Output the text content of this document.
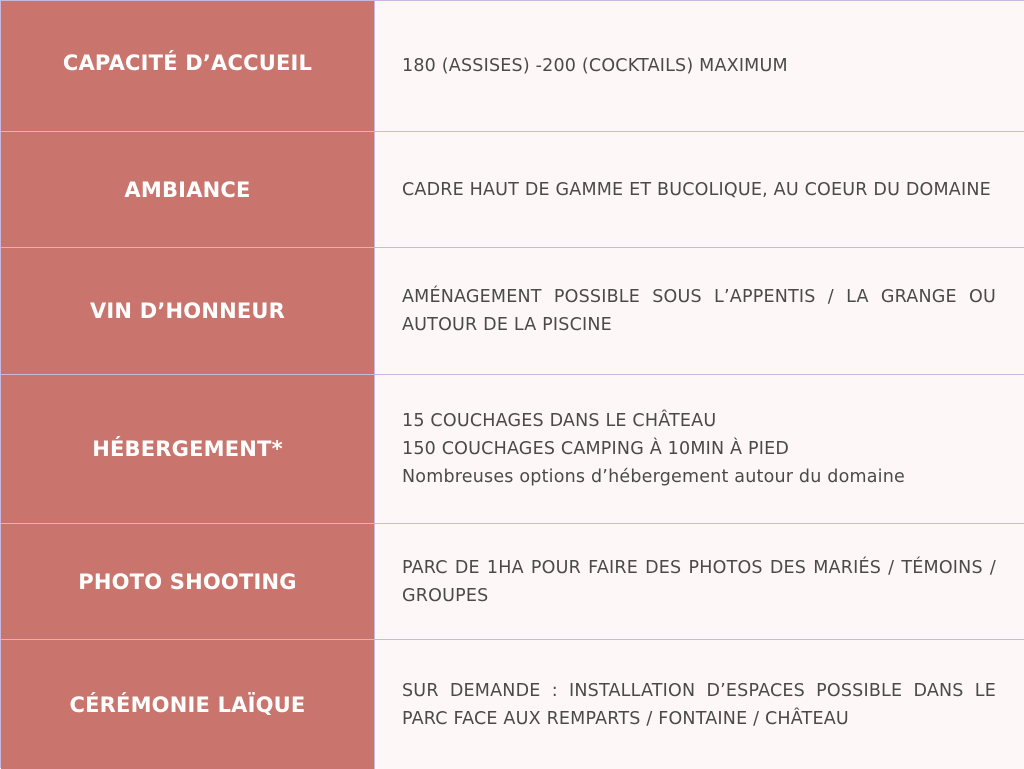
CAPACITÉ D’ACCUEIL	180 (ASSISES) -200 (COCKTAILS) MAXIMUM
AMBIANCE	CADRE HAUT DE GAMME ET BUCOLIQUE, AU COEUR DU DOMAINE
VIN D’HONNEUR
AMÉNAGEMENT POSSIBLE SOUS L’APPENTIS / LA GRANGE OU AUTOUR DE LA PISCINE
HÉBERGEMENT*
15 COUCHAGES DANS LE CHÂTEAU
150 COUCHAGES CAMPING À 10MIN À PIED
Nombreuses options d’hébergement autour du domaine
PHOTO SHOOTING
PARC DE 1HA POUR FAIRE DES PHOTOS DES MARIÉS / TÉMOINS / GROUPES
CÉRÉMONIE LAÏQUE
SUR DEMANDE : INSTALLATION D’ESPACES POSSIBLE DANS LE PARC FACE AUX REMPARTS / FONTAINE / CHÂTEAU
